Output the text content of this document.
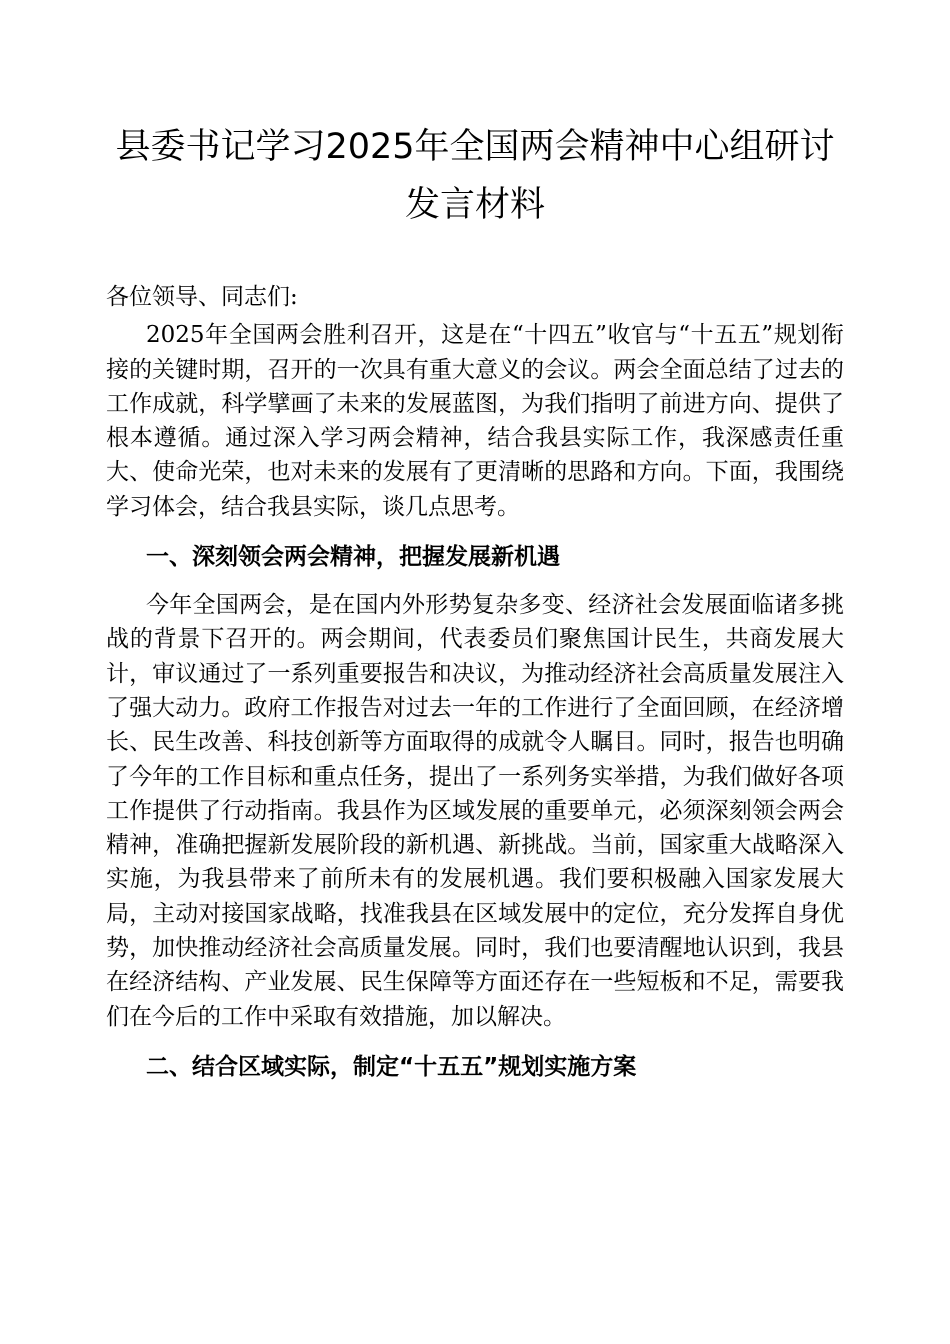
县委书记学习2025年全国两会精神中心组研讨
发言材料

各位领导、同志们:

2025年全国两会胜利召开，这是在“十四五”收官与“十五五”规划衔接的关键时期，召开的一次具有重大意义的会议。两会全面总结了过去的工作成就，科学擘画了未来的发展蓝图，为我们指明了前进方向、提供了根本遵循。通过深入学习两会精神，结合我县实际工作，我深感责任重大、使命光荣，也对未来的发展有了更清晰的思路和方向。下面，我围绕学习体会，结合我县实际，谈几点思考。

一、深刻领会两会精神，把握发展新机遇

今年全国两会，是在国内外形势复杂多变、经济社会发展面临诸多挑战的背景下召开的。两会期间，代表委员们聚焦国计民生，共商发展大计，审议通过了一系列重要报告和决议，为推动经济社会高质量发展注入了强大动力。政府工作报告对过去一年的工作进行了全面回顾，在经济增长、民生改善、科技创新等方面取得的成就令人瞩目。同时，报告也明确了今年的工作目标和重点任务，提出了一系列务实举措，为我们做好各项工作提供了行动指南。我县作为区域发展的重要单元，必须深刻领会两会精神，准确把握新发展阶段的新机遇、新挑战。当前，国家重大战略深入实施，为我县带来了前所未有的发展机遇。我们要积极融入国家发展大局，主动对接国家战略，找准我县在区域发展中的定位，充分发挥自身优势，加快推动经济社会高质量发展。同时，我们也要清醒地认识到，我县在经济结构、产业发展、民生保障等方面还存在一些短板和不足，需要我们在今后的工作中采取有效措施，加以解决。

二、结合区域实际，制定“十五五”规划实施方案
